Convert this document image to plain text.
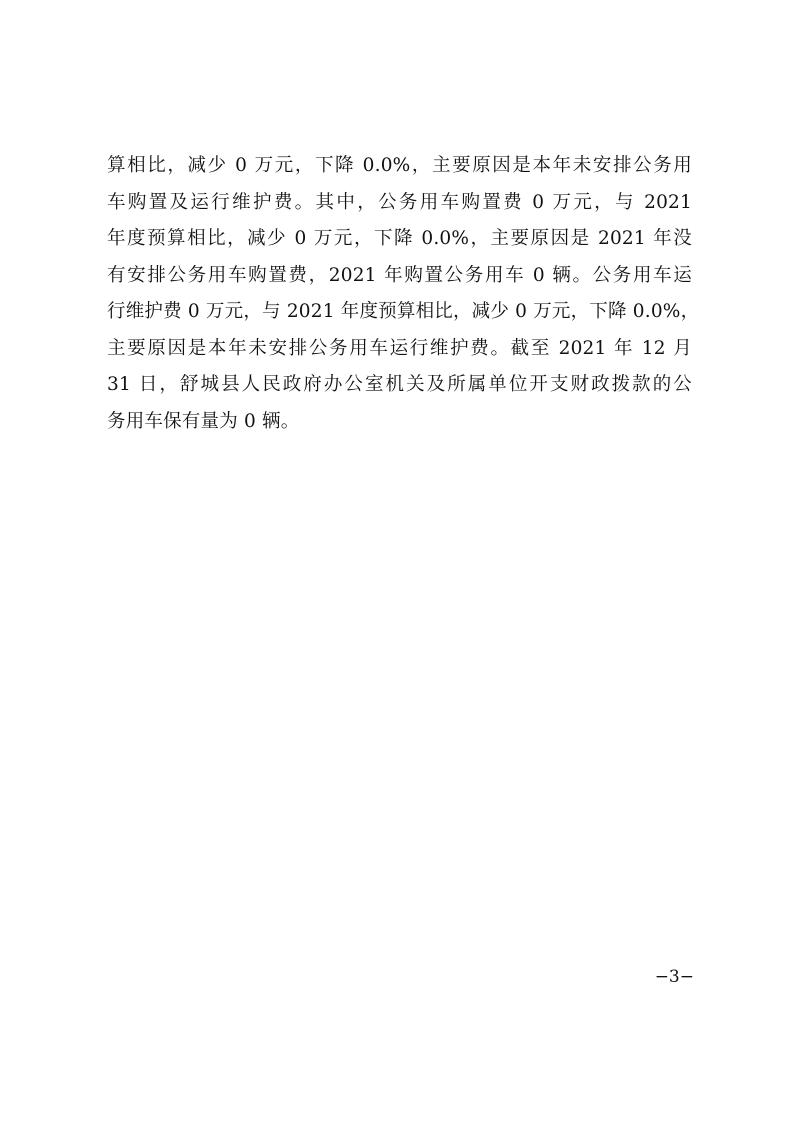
算相比，减少 0 万元，下降 0.0%，主要原因是本年未安排公务用
车购置及运行维护费。其中，公务用车购置费 0 万元，与 2021
年度预算相比，减少 0 万元，下降 0.0%，主要原因是 2021 年没
有安排公务用车购置费，2021 年购置公务用车 0 辆。公务用车运
行维护费 0 万元，与 2021 年度预算相比，减少 0 万元，下降 0.0%，
主要原因是本年未安排公务用车运行维护费。截至 2021 年 12 月
31 日，舒城县人民政府办公室机关及所属单位开支财政拨款的公
务用车保有量为 0 辆。
−3−
